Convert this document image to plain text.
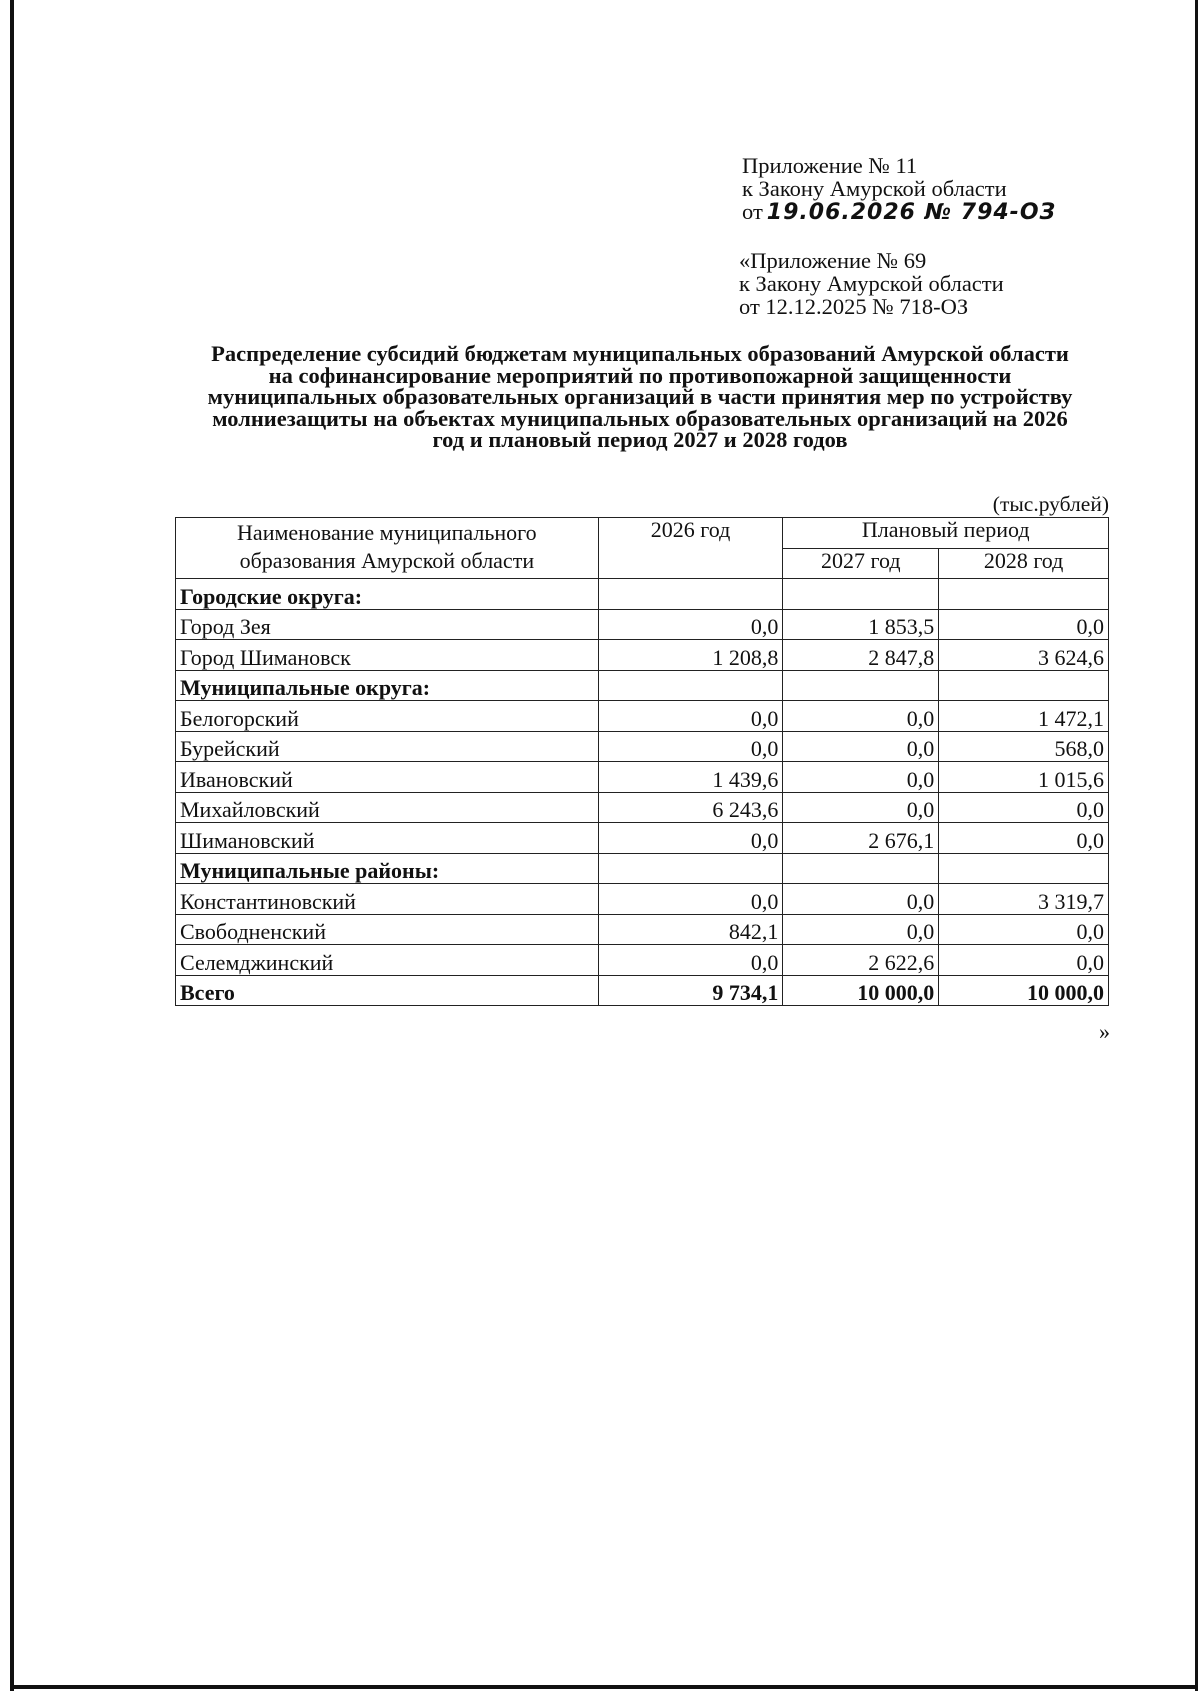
Приложение № 11
к Закону Амурской области
от 19.06.2026 № 794-ОЗ
«Приложение № 69
к Закону Амурской области
от 12.12.2025 № 718-ОЗ
Распределение субсидий бюджетам муниципальных образований Амурской области
на софинансирование мероприятий по противопожарной защищенности
муниципальных образовательных организаций в части принятия мер по устройству
молниезащиты на объектах муниципальных образовательных организаций на 2026
год и плановый период 2027 и 2028 годов
(тыс.рублей)
Наименование муниципального
образования Амурской области	2026 год	Плановый период	
		2027 год	2028 год
Городские округа:			
Город Зея	0,0	1 853,5	0,0
Город Шимановск	1 208,8	2 847,8	3 624,6
Муниципальные округа:			
Белогорский	0,0	0,0	1 472,1
Бурейский	0,0	0,0	568,0
Ивановский	1 439,6	0,0	1 015,6
Михайловский	6 243,6	0,0	0,0
Шимановский	0,0	2 676,1	0,0
Муниципальные районы:			
Константиновский	0,0	0,0	3 319,7
Свободненский	842,1	0,0	0,0
Селемджинский	0,0	2 622,6	0,0
Всего	9 734,1	10 000,0	10 000,0
»
